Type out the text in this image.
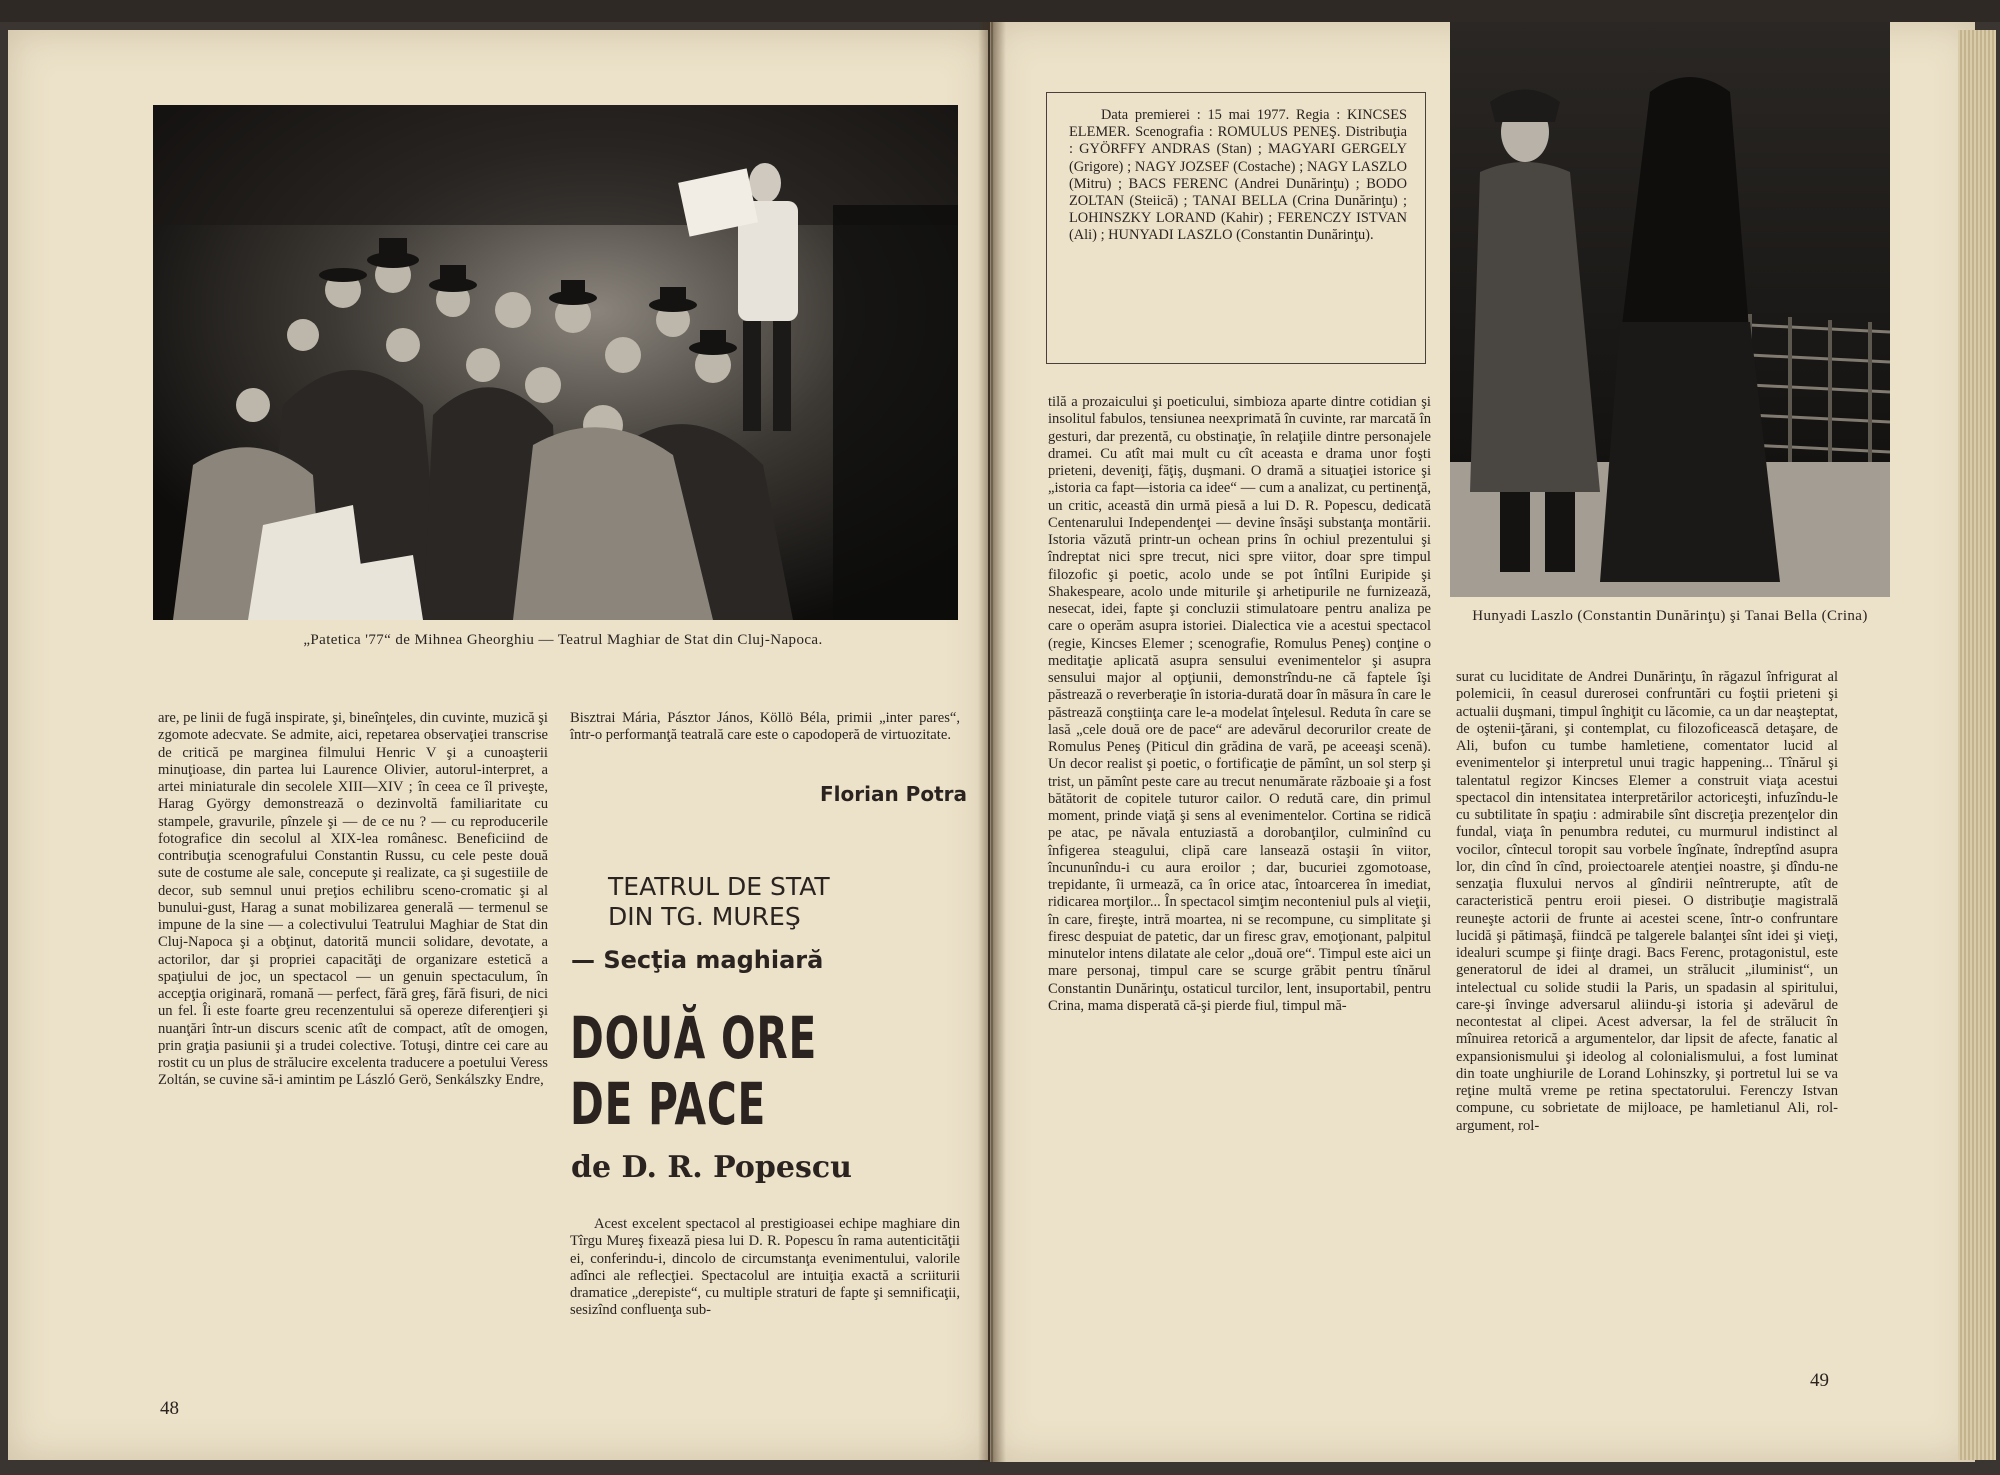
„Patetica '77“ de Mihnea Gheorghiu — Teatrul Maghiar de Stat din Cluj-Napoca.

are, pe linii de fugă inspirate, şi, bineînţeles, din cuvinte, muzică şi zgomote adecvate. Se admite, aici, repetarea observaţiei transcrise de critică pe marginea filmului Henric V şi a cunoaşterii minuţioase, din partea lui Laurence Olivier, autorul-interpret, a artei miniaturale din secolele XIII—XIV ; în ceea ce îl priveşte, Harag György demonstrează o dezinvoltă familiaritate cu stampele, gravurile, pînzele şi — de ce nu ? — cu reproducerile fotografice din secolul al XIX-lea românesc. Beneficiind de contribuţia scenografului Constantin Russu, cu cele peste două sute de costume ale sale, concepute şi realizate, ca şi sugestiile de decor, sub semnul unui preţios echilibru sceno-cromatic şi al bunului-gust, Harag a sunat mobilizarea generală — termenul se impune de la sine — a colectivului Teatrului Maghiar de Stat din Cluj-Napoca şi a obţinut, datorită muncii solidare, devotate, a actorilor, dar şi propriei capacităţi de organizare estetică a spaţiului de joc, un spectacol — un genuin spectaculum, în accepţia originară, romană — perfect, fără greş, fără fisuri, de nici un fel. Îi este foarte greu recenzentului să opereze diferenţieri şi nuanţări într-un discurs scenic atît de compact, atît de omogen, prin graţia pasiunii şi a trudei colective. Totuşi, dintre cei care au rostit cu un plus de strălucire excelenta traducere a poetului Veress Zoltán, se cuvine să-i amintim pe László Gerö, Senkálszky Endre,

Bisztrai Mária, Pásztor János, Köllö Béla, primii „inter pares“, într-o performanţă teatrală care este o capodoperă de virtuozitate.

Florian Potra
TEATRUL DE STAT
DIN TG. MUREŞ
— Secţia maghiară
DOUĂ ORE
DE PACE
de D. R. Popescu

Acest excelent spectacol al prestigioasei echipe maghiare din Tîrgu Mureş fixează piesa lui D. R. Popescu în rama autenticităţii ei, conferindu-i, dincolo de circumstanţa evenimentului, valorile adînci ale reflecţiei. Spectacolul are intuiţia exactă a scriiturii dramatice „derepiste“, cu multiple straturi de fapte şi semnificaţii, sesizînd confluenţa sub-

48

Data premierei : 15 mai 1977. Regia : KINCSES ELEMER. Scenografia : ROMULUS PENEŞ. Distribuţia : GYÖRFFY ANDRAS (Stan) ; MAGYARI GERGELY (Grigore) ; NAGY JOZSEF (Costache) ; NAGY LASZLO (Mitru) ; BACS FERENC (Andrei Dunărinţu) ; BODO ZOLTAN (Steiică) ; TANAI BELLA (Crina Dunărinţu) ; LOHINSZKY LORAND (Kahir) ; FERENCZY ISTVAN (Ali) ; HUNYADI LASZLO (Constantin Dunărinţu).

Hunyadi Laszlo (Constantin Dunărinţu) şi Tanai Bella (Crina)

tilă a prozaicului şi poeticului, simbioza aparte dintre cotidian şi insolitul fabulos, tensiunea neexprimată în cuvinte, rar marcată în gesturi, dar prezentă, cu obstinaţie, în relaţiile dintre personajele dramei. Cu atît mai mult cu cît aceasta e drama unor foşti prieteni, deveniţi, făţiş, duşmani. O dramă a situaţiei istorice şi „istoria ca fapt—istoria ca idee“ — cum a analizat, cu pertinenţă, un critic, această din urmă piesă a lui D. R. Popescu, dedicată Centenarului Independenţei — devine însăşi substanţa montării. Istoria văzută printr-un ochean prins în ochiul prezentului şi îndreptat nici spre trecut, nici spre viitor, doar spre timpul filozofic şi poetic, acolo unde se pot întîlni Euripide şi Shakespeare, acolo unde miturile şi arhetipurile ne furnizează, nesecat, idei, fapte şi concluzii stimulatoare pentru analiza pe care o operăm asupra istoriei. Dialectica vie a acestui spectacol (regie, Kincses Elemer ; scenografie, Romulus Peneş) conţine o meditaţie aplicată asupra sensului evenimentelor şi asupra sensului major al opţiunii, demonstrîndu-ne că faptele îşi păstrează o reverberaţie în istoria-durată doar în măsura în care le păstrează conştiinţa care le-a modelat înţelesul. Reduta în care se lasă „cele două ore de pace“ are adevărul decorurilor create de Romulus Peneş (Piticul din grădina de vară, pe aceeaşi scenă). Un decor realist şi poetic, o fortificaţie de pămînt, un sol sterp şi trist, un pămînt peste care au trecut nenumărate războaie şi a fost bătătorit de copitele tuturor cailor. O redută care, din primul moment, prinde viaţă şi sens al evenimentelor. Cortina se ridică pe atac, pe năvala entuziastă a dorobanţilor, culminînd cu înfigerea steagului, clipă care lansează ostaşii în viitor, încununîndu-i cu aura eroilor ; dar, bucuriei zgomotoase, trepidante, îi urmează, ca în orice atac, întoarcerea în imediat, ridicarea morţilor... În spectacol simţim neconteniul puls al vieţii, în care, fireşte, intră moartea, ni se recompune, cu simplitate şi firesc despuiat de patetic, dar un firesc grav, emoţionant, palpitul minutelor intens dilatate ale celor „două ore“. Timpul este aici un mare personaj, timpul care se scurge grăbit pentru tînărul Constantin Dunărinţu, ostaticul turcilor, lent, insuportabil, pentru Crina, mama disperată că-şi pierde fiul, timpul mă-

surat cu luciditate de Andrei Dunărinţu, în răgazul înfrigurat al polemicii, în ceasul durerosei confruntări cu foştii prieteni şi actualii duşmani, timpul înghiţit cu lăcomie, ca un dar neaşteptat, de oştenii-ţărani, şi contemplat, cu filozoficească detaşare, de Ali, bufon cu tumbe hamletiene, comentator lucid al evenimentelor şi interpretul unui tragic happening... Tînărul şi talentatul regizor Kincses Elemer a construit viaţa acestui spectacol din intensitatea interpretărilor actoriceşti, infuzîndu-le cu subtilitate în spaţiu : admirabile sînt discreţia prezenţelor din fundal, viaţa în penumbra redutei, cu murmurul indistinct al vocilor, cîntecul toropit sau vorbele îngînate, îndreptînd asupra lor, din cînd în cînd, proiectoarele atenţiei noastre, şi dîndu-ne senzaţia fluxului nervos al gîndirii neîntrerupte, atît de caracteristică pentru eroii piesei. O distribuţie magistrală reuneşte actorii de frunte ai acestei scene, într-o confruntare lucidă şi pătimaşă, fiindcă pe talgerele balanţei sînt idei şi vieţi, idealuri scumpe şi fiinţe dragi. Bacs Ferenc, protagonistul, este generatorul de idei al dramei, un strălucit „iluminist“, un intelectual cu solide studii la Paris, un spadasin al spiritului, care-şi învinge adversarul aliindu-şi istoria şi adevărul de necontestat al clipei. Acest adversar, la fel de strălucit în mînuirea retorică a argumentelor, dar lipsit de afecte, fanatic al expansionismului şi ideolog al colonialismului, a fost luminat din toate unghiurile de Lorand Lohinszky, şi portretul lui se va reţine multă vreme pe retina spectatorului. Ferenczy Istvan compune, cu sobrietate de mijloace, pe hamletianul Ali, rol-argument, rol-

49
